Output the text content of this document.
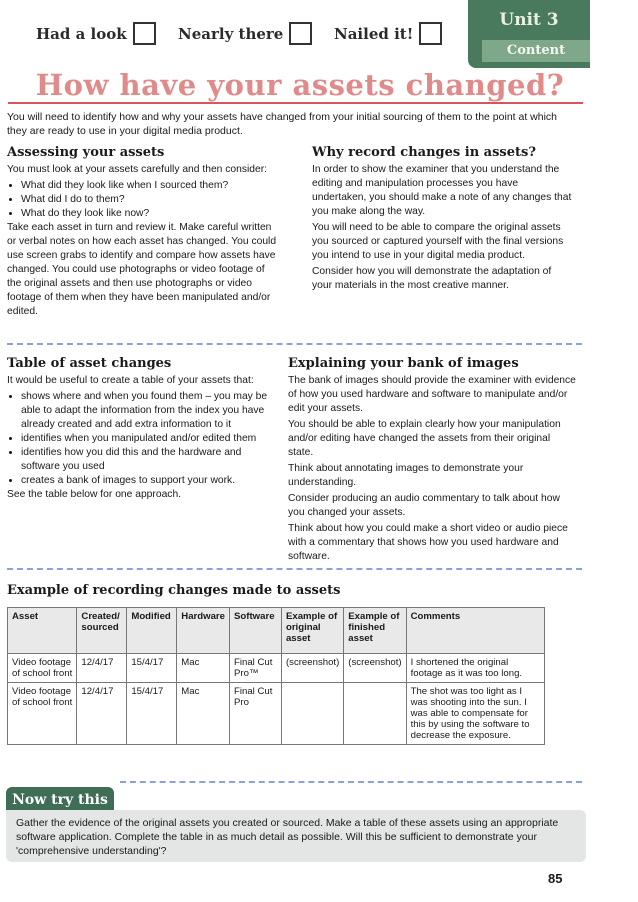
Had a look	Nearly there	Nailed it!
Unit 3
Content
How have your assets changed?
You will need to identify how and why your assets have changed from your initial sourcing of them to the point at which they are ready to use in your digital media product.
Assessing your assets

You must look at your assets carefully and then consider:

• What did they look like when I sourced them?
• What did I do to them?
• What do they look like now?

Take each asset in turn and review it. Make careful written or verbal notes on how each asset has changed. You could use screen grabs to identify and compare how assets have changed. You could use photographs or video footage of the original assets and then use photographs or video footage of them when they have been manipulated and/or edited.

Why record changes in assets?

In order to show the examiner that you understand the editing and manipulation processes you have undertaken, you should make a note of any changes that you make along the way.

You will need to be able to compare the original assets you sourced or captured yourself with the final versions you intend to use in your digital media product.

Consider how you will demonstrate the adaptation of your materials in the most creative manner.

Table of asset changes

It would be useful to create a table of your assets that:

• shows where and when you found them – you may be able to adapt the information from the index you have already created and add extra information to it
• identifies when you manipulated and/or edited them
• identifies how you did this and the hardware and software you used
• creates a bank of images to support your work.

See the table below for one approach.

Explaining your bank of images

The bank of images should provide the examiner with evidence of how you used hardware and software to manipulate and/or edit your assets.

You should be able to explain clearly how your manipulation and/or editing have changed the assets from their original state.

Think about annotating images to demonstrate your understanding.

Consider producing an audio commentary to talk about how you changed your assets.

Think about how you could make a short video or audio piece with a commentary that shows how you used hardware and software.

Example of recording changes made to assets
Asset	Created/ sourced	Modified	Hardware	Software	Example of original asset	Example of finished asset	Comments
Video footage of school front	12/4/17	15/4/17	Mac	Final Cut Pro™	(screenshot)	(screenshot)	I shortened the original footage as it was too long.
Video footage of school front	12/4/17	15/4/17	Mac	Final Cut Pro			The shot was too light as I was shooting into the sun. I was able to compensate for this by using the software to decrease the exposure.
Now try this
Gather the evidence of the original assets you created or sourced. Make a table of these assets using an appropriate software application. Complete the table in as much detail as possible. Will this be sufficient to demonstrate your 'comprehensive understanding'?
85
